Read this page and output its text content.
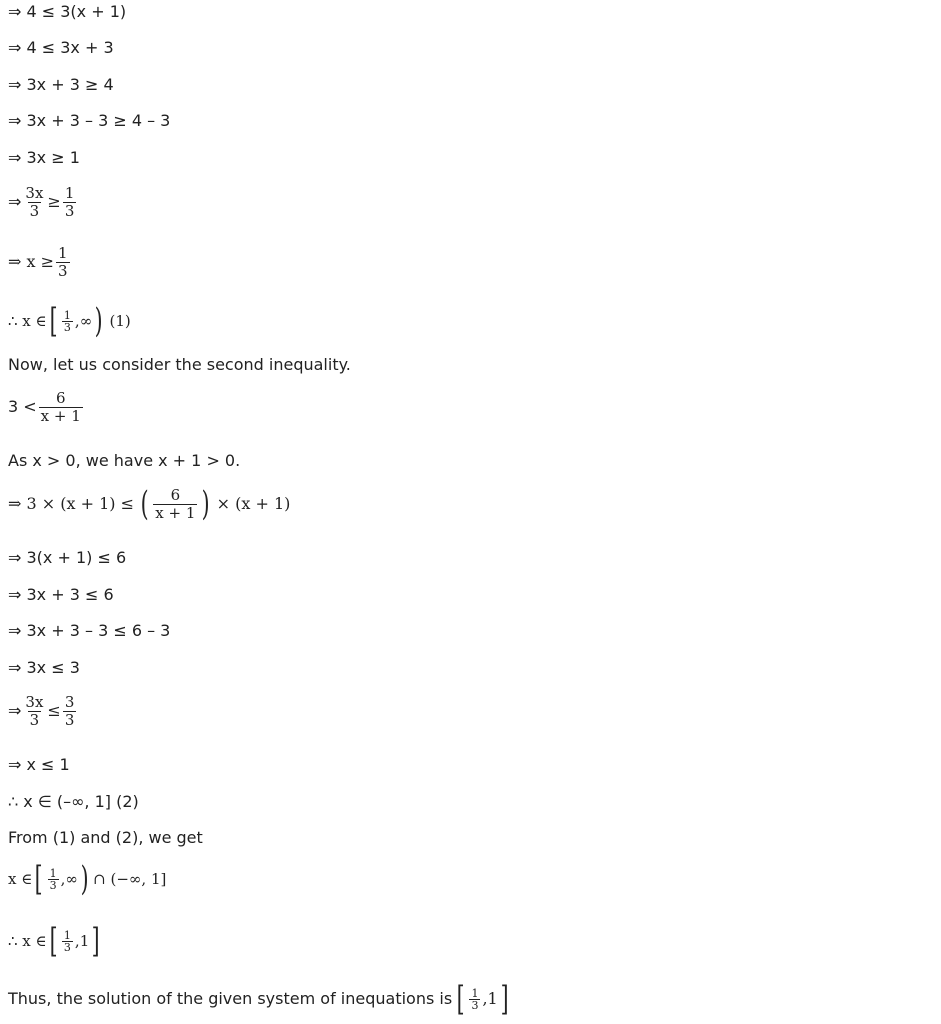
⇒ 4 ≤ 3(x + 1)
⇒ 4 ≤ 3x + 3
⇒ 3x + 3 ≥ 4
⇒ 3x + 3 – 3 ≥ 4 – 3
⇒ 3x ≥ 1
⇒ $\frac{3x}{3} \ge \frac{1}{3}$
⇒ $x \ge \frac{1}{3}$
∴ x ∈ [ $\frac{1}{3}$ , ∞ ) (1)
Now, let us consider the second inequality.
$3 < \frac{6}{x + 1}$
As x > 0, we have x + 1 > 0.
⇒ 3 × (x + 1) ≤ ( $\frac{6}{x + 1}$ ) × (x + 1)
⇒ 3(x + 1) ≤ 6
⇒ 3x + 3 ≤ 6
⇒ 3x + 3 – 3 ≤ 6 – 3
⇒ 3x ≤ 3
⇒ $\frac{3x}{3} \le \frac{3}{3}$
⇒ x ≤ 1
∴ x ∈ (–∞, 1] (2)
From (1) and (2), we get
x ∈ [ $\frac{1}{3}$ , ∞ ) ∩ (−∞, 1]
∴ x ∈ [ $\frac{1}{3}$ , 1 ]
Thus, the solution of the given system of inequations is [ $\frac{1}{3}$ , 1 ]
